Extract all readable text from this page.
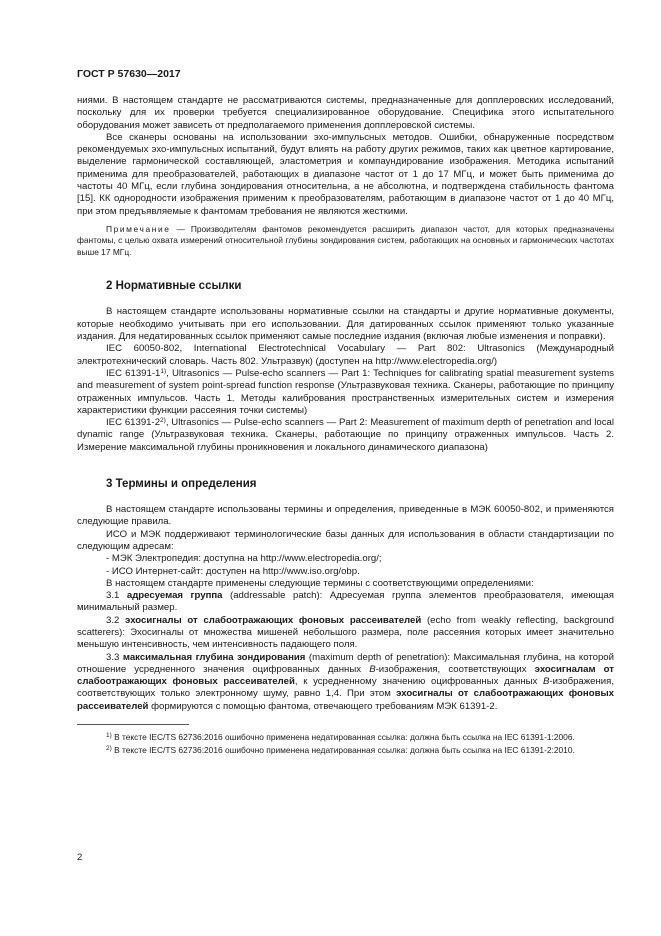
ГОСТ Р 57630—2017

ниями. В настоящем стандарте не рассматриваются системы, предназначенные для допплеровских исследований, поскольку для их проверки требуется специализированное оборудование. Специфика этого испытательного оборудования может зависеть от предполагаемого применения допплеровской системы.

Все сканеры основаны на использовании эхо-импульсных методов. Ошибки, обнаруженные посредством рекомендуемых эхо-импульсных испытаний, будут влиять на работу других режимов, таких как цветное картирование, выделение гармонической составляющей, эластометрия и компаундирование изображения. Методика испытаний применима для преобразователей, работающих в диапазоне частот от 1 до 17 МГц, и может быть применима до частоты 40 МГц, если глубина зондирования относительна, а не абсолютна, и подтверждена стабильность фантома [15]. КК однородности изображения применим к преобразователям, работающим в диапазоне частот от 1 до 40 МГц, при этом предъявляемые к фантомам требования не являются жесткими.

Примечание — Производителям фантомов рекомендуется расширить диапазон частот, для которых предназначены фантомы, с целью охвата измерений относительной глубины зондирования систем, работающих на основных и гармонических частотах выше 17 МГц.

2 Нормативные ссылки

В настоящем стандарте использованы нормативные ссылки на стандарты и другие нормативные документы, которые необходимо учитывать при его использовании. Для датированных ссылок применяют только указанные издания. Для недатированных ссылок применяют самые последние издания (включая любые изменения и поправки).

IEC 60050-802, International Electrotechnical Vocabulary — Part 802: Ultrasonics (Международный электротехнический словарь. Часть 802. Ультразвук) (доступен на http://www.electropedia.org/)

IEC 61391-1$^{1)}$, Ultrasonics — Pulse-echo scanners — Part 1: Techniques for calibrating spatial measurement systems and measurement of system point-spread function response (Ультразвуковая техника. Сканеры, работающие по принципу отраженных импульсов. Часть 1. Методы калибрования пространственных измерительных систем и измерения характеристики функции рассеяния точки системы)

IEC 61391-2$^{2)}$, Ultrasonics — Pulse-echo scanners — Part 2: Measurement of maximum depth of penetration and local dynamic range (Ультразвуковая техника. Сканеры, работающие по принципу отраженных импульсов. Часть 2. Измерение максимальной глубины проникновения и локального динамического диапазона)

3 Термины и определения

В настоящем стандарте использованы термины и определения, приведенные в МЭК 60050-802, и применяются следующие правила.

ИСО и МЭК поддерживают терминологические базы данных для использования в области стандартизации по следующим адресам:

- МЭК Электропедия: доступна на http://www.electropedia.org/;

- ИСО Интернет-сайт: доступен на http://www.iso.org/obp.

В настоящем стандарте применены следующие термины с соответствующими определениями:

3.1 адресуемая группа (addressable patch): Адресуемая группа элементов преобразователя, имеющая минимальный размер.

3.2 эхосигналы от слабоотражающих фоновых рассеивателей (echo from weakly reflecting, background scatterers): Эхосигналы от множества мишеней небольшого размера, поле рассеяния которых имеет значительно меньшую интенсивность, чем интенсивность падающего поля.

3.3 максимальная глубина зондирования (maximum depth of penetration): Максимальная глубина, на которой отношение усредненного значения оцифрованных данных B-изображения, соответствующих эхосигналам от слабоотражающих фоновых рассеивателей, к усредненному значению оцифрованных данных B-изображения, соответствующих только электронному шуму, равно 1,4. При этом эхосигналы от слабоотражающих фоновых рассеивателей формируются с помощью фантома, отвечающего требованиям МЭК 61391-2.

$^{1)}$ В тексте IEC/TS 62736:2016 ошибочно применена недатированная ссылка: должна быть ссылка на IEC 61391-1:2006.

$^{2)}$ В тексте IEC/TS 62736:2016 ошибочно применена недатированная ссылка: должна быть ссылка на IEC 61391-2:2010.

2
